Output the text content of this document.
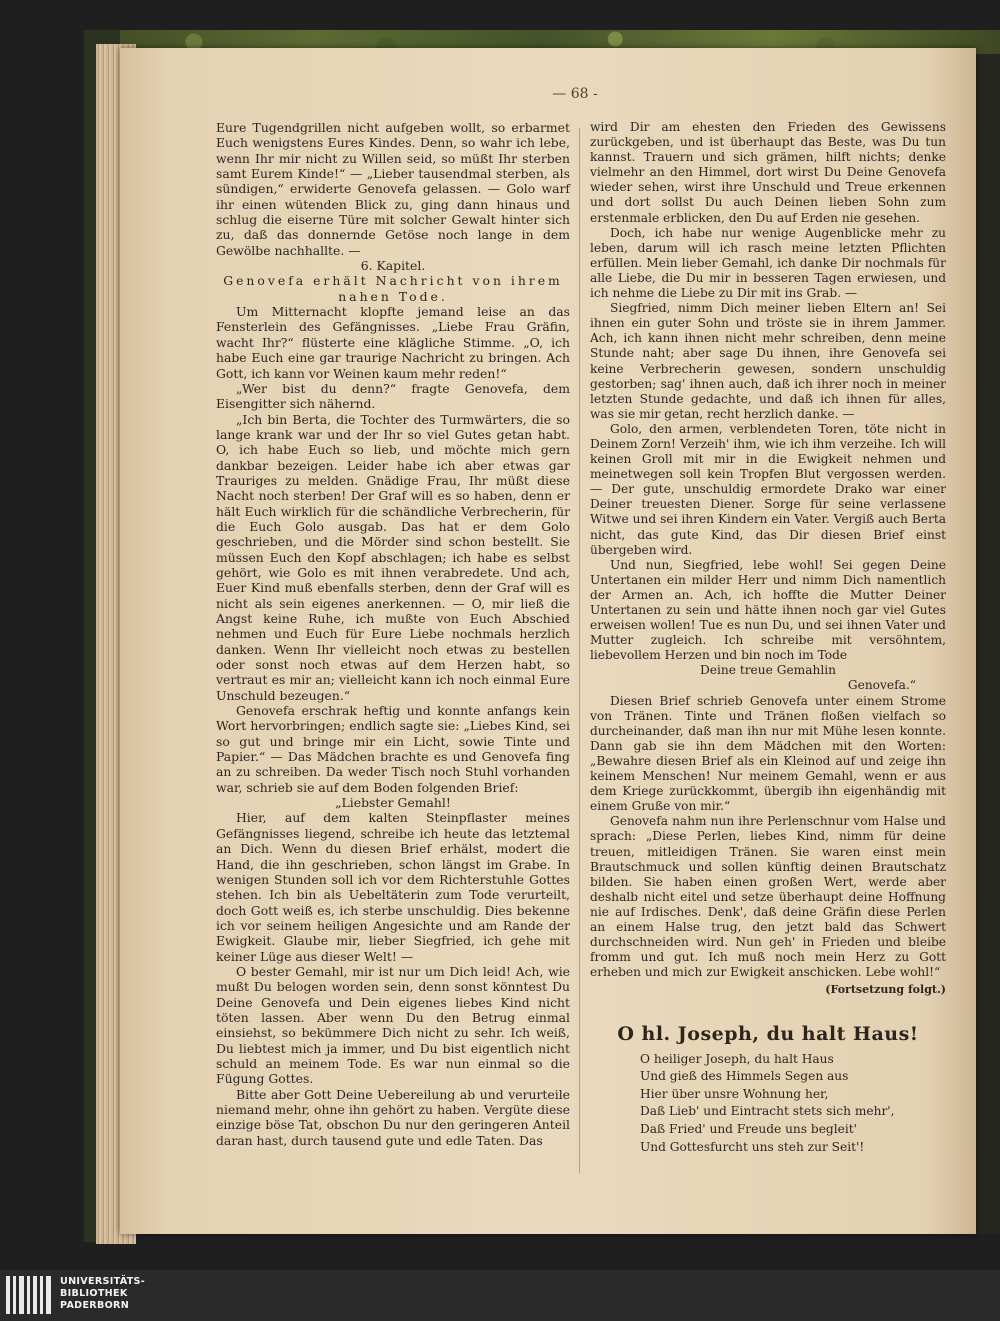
— 68 -

Eure Tugendgrillen nicht aufgeben wollt, so erbarmet Euch wenigstens Eures Kindes. Denn, so wahr ich lebe, wenn Ihr mir nicht zu Willen seid, so müßt Ihr sterben samt Eurem Kinde!“ — „Lieber tausendmal sterben, als sündigen,“ erwiderte Genovefa gelassen. — Golo warf ihr einen wütenden Blick zu, ging dann hinaus und schlug die eiserne Türe mit solcher Gewalt hinter sich zu, daß das donnernde Getöse noch lange in dem Gewölbe nachhallte. —

6. Kapitel.

Genovefa erhält Nachricht von ihrem nahen Tode.

Um Mitternacht klopfte jemand leise an das Fensterlein des Gefängnisses. „Liebe Frau Gräfin, wacht Ihr?“ flüsterte eine klägliche Stimme. „O, ich habe Euch eine gar traurige Nachricht zu bringen. Ach Gott, ich kann vor Weinen kaum mehr reden!“

„Wer bist du denn?“ fragte Genovefa, dem Eisengitter sich nähernd.

„Ich bin Berta, die Tochter des Turmwärters, die so lange krank war und der Ihr so viel Gutes getan habt. O, ich habe Euch so lieb, und möchte mich gern dankbar bezeigen. Leider habe ich aber etwas gar Trauriges zu melden. Gnädige Frau, Ihr müßt diese Nacht noch sterben! Der Graf will es so haben, denn er hält Euch wirklich für die schändliche Verbrecherin, für die Euch Golo ausgab. Das hat er dem Golo geschrieben, und die Mörder sind schon bestellt. Sie müssen Euch den Kopf abschlagen; ich habe es selbst gehört, wie Golo es mit ihnen verabredete. Und ach, Euer Kind muß ebenfalls sterben, denn der Graf will es nicht als sein eigenes anerkennen. — O, mir ließ die Angst keine Ruhe, ich mußte von Euch Abschied nehmen und Euch für Eure Liebe nochmals herzlich danken. Wenn Ihr vielleicht noch etwas zu bestellen oder sonst noch etwas auf dem Herzen habt, so vertraut es mir an; vielleicht kann ich noch einmal Eure Unschuld bezeugen.“

Genovefa erschrak heftig und konnte anfangs kein Wort hervorbringen; endlich sagte sie: „Liebes Kind, sei so gut und bringe mir ein Licht, sowie Tinte und Papier.“ — Das Mädchen brachte es und Genovefa fing an zu schreiben. Da weder Tisch noch Stuhl vorhanden war, schrieb sie auf dem Boden folgenden Brief:

„Liebster Gemahl!

Hier, auf dem kalten Steinpflaster meines Gefängnisses liegend, schreibe ich heute das letztemal an Dich. Wenn du diesen Brief erhälst, modert die Hand, die ihn geschrieben, schon längst im Grabe. In wenigen Stunden soll ich vor dem Richterstuhle Gottes stehen. Ich bin als Uebeltäterin zum Tode verurteilt, doch Gott weiß es, ich sterbe unschuldig. Dies bekenne ich vor seinem heiligen Angesichte und am Rande der Ewigkeit. Glaube mir, lieber Siegfried, ich gehe mit keiner Lüge aus dieser Welt! —

O bester Gemahl, mir ist nur um Dich leid! Ach, wie mußt Du belogen worden sein, denn sonst könntest Du Deine Genovefa und Dein eigenes liebes Kind nicht töten lassen. Aber wenn Du den Betrug einmal einsiehst, so bekümmere Dich nicht zu sehr. Ich weiß, Du liebtest mich ja immer, und Du bist eigentlich nicht schuld an meinem Tode. Es war nun einmal so die Fügung Gottes.

Bitte aber Gott Deine Uebereilung ab und verurteile niemand mehr, ohne ihn gehört zu haben. Vergüte diese einzige böse Tat, obschon Du nur den geringeren Anteil daran hast, durch tausend gute und edle Taten. Das

wird Dir am ehesten den Frieden des Gewissens zurückgeben, und ist überhaupt das Beste, was Du tun kannst. Trauern und sich grämen, hilft nichts; denke vielmehr an den Himmel, dort wirst Du Deine Genovefa wieder sehen, wirst ihre Unschuld und Treue erkennen und dort sollst Du auch Deinen lieben Sohn zum erstenmale erblicken, den Du auf Erden nie gesehen.

Doch, ich habe nur wenige Augenblicke mehr zu leben, darum will ich rasch meine letzten Pflichten erfüllen. Mein lieber Gemahl, ich danke Dir nochmals für alle Liebe, die Du mir in besseren Tagen erwiesen, und ich nehme die Liebe zu Dir mit ins Grab. —

Siegfried, nimm Dich meiner lieben Eltern an! Sei ihnen ein guter Sohn und tröste sie in ihrem Jammer. Ach, ich kann ihnen nicht mehr schreiben, denn meine Stunde naht; aber sage Du ihnen, ihre Genovefa sei keine Verbrecherin gewesen, sondern unschuldig gestorben; sag' ihnen auch, daß ich ihrer noch in meiner letzten Stunde gedachte, und daß ich ihnen für alles, was sie mir getan, recht herzlich danke. —

Golo, den armen, verblendeten Toren, töte nicht in Deinem Zorn! Verzeih' ihm, wie ich ihm verzeihe. Ich will keinen Groll mit mir in die Ewigkeit nehmen und meinetwegen soll kein Tropfen Blut vergossen werden. — Der gute, unschuldig ermordete Drako war einer Deiner treuesten Diener. Sorge für seine verlassene Witwe und sei ihren Kindern ein Vater. Vergiß auch Berta nicht, das gute Kind, das Dir diesen Brief einst übergeben wird.

Und nun, Siegfried, lebe wohl! Sei gegen Deine Untertanen ein milder Herr und nimm Dich namentlich der Armen an. Ach, ich hoffte die Mutter Deiner Untertanen zu sein und hätte ihnen noch gar viel Gutes erweisen wollen! Tue es nun Du, und sei ihnen Vater und Mutter zugleich. Ich schreibe mit versöhntem, liebevollem Herzen und bin noch im Tode

Deine treue Gemahlin

Genovefa.“

Diesen Brief schrieb Genovefa unter einem Strome von Tränen. Tinte und Tränen floßen vielfach so durcheinander, daß man ihn nur mit Mühe lesen konnte. Dann gab sie ihn dem Mädchen mit den Worten: „Bewahre diesen Brief als ein Kleinod auf und zeige ihn keinem Menschen! Nur meinem Gemahl, wenn er aus dem Kriege zurückkommt, übergib ihn eigenhändig mit einem Gruße von mir.“

Genovefa nahm nun ihre Perlenschnur vom Halse und sprach: „Diese Perlen, liebes Kind, nimm für deine treuen, mitleidigen Tränen. Sie waren einst mein Brautschmuck und sollen künftig deinen Brautschatz bilden. Sie haben einen großen Wert, werde aber deshalb nicht eitel und setze überhaupt deine Hoffnung nie auf Irdisches. Denk', daß deine Gräfin diese Perlen an einem Halse trug, den jetzt bald das Schwert durchschneiden wird. Nun geh' in Frieden und bleibe fromm und gut. Ich muß noch mein Herz zu Gott erheben und mich zur Ewigkeit anschicken. Lebe wohl!“

(Fortsetzung folgt.)
O hl. Joseph, du halt Haus!
O heiliger Joseph, du halt Haus
Und gieß des Himmels Segen aus
Hier über unsre Wohnung her,
Daß Lieb' und Eintracht stets sich mehr',
Daß Fried' und Freude uns begleit'
Und Gottesfurcht uns steh zur Seit'!
UNIVERSITÄTS-
BIBLIOTHEK
PADERBORN
